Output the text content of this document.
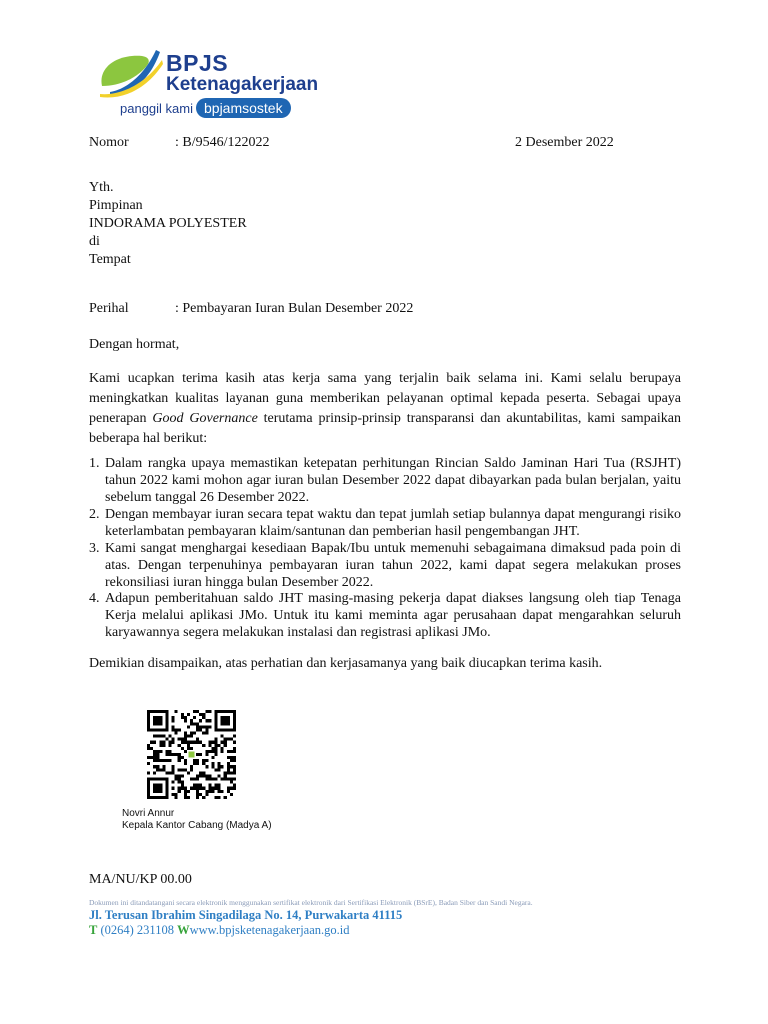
BPJS
Ketenagakerjaan
panggil kami bpjamsostek
Nomor	: B/9546/122022	2 Desember 2022
Yth.
Pimpinan
INDORAMA POLYESTER
di
Tempat
Perihal	: Pembayaran Iuran Bulan Desember 2022
Dengan hormat,
Kami ucapkan terima kasih atas kerja sama yang terjalin baik selama ini. Kami selalu berupaya meningkatkan kualitas layanan guna memberikan pelayanan optimal kepada peserta. Sebagai upaya penerapan Good Governance terutama prinsip-prinsip transparansi dan akuntabilitas, kami sampaikan beberapa hal berikut:
1. Dalam rangka upaya memastikan ketepatan perhitungan Rincian Saldo Jaminan Hari Tua (RSJHT) tahun 2022 kami mohon agar iuran bulan Desember 2022 dapat dibayarkan pada bulan berjalan, yaitu sebelum tanggal 26 Desember 2022.
2. Dengan membayar iuran secara tepat waktu dan tepat jumlah setiap bulannya dapat mengurangi risiko keterlambatan pembayaran klaim/santunan dan pemberian hasil pengembangan JHT.
3. Kami sangat menghargai kesediaan Bapak/Ibu untuk memenuhi sebagaimana dimaksud pada poin di atas. Dengan terpenuhinya pembayaran iuran tahun 2022, kami dapat segera melakukan proses rekonsiliasi iuran hingga bulan Desember 2022.
4. Adapun pemberitahuan saldo JHT masing-masing pekerja dapat diakses langsung oleh tiap Tenaga Kerja melalui aplikasi JMo. Untuk itu kami meminta agar perusahaan dapat mengarahkan seluruh karyawannya segera melakukan instalasi dan registrasi aplikasi JMo.
Demikian disampaikan, atas perhatian dan kerjasamanya yang baik diucapkan terima kasih.
Novri Annur
Kepala Kantor Cabang (Madya A)
MA/NU/KP 00.00
Dokumen ini ditandatangani secara elektronik menggunakan sertifikat elektronik dari Sertifikasi Elektronik (BSrE), Badan Siber dan Sandi Negara.
Jl. Terusan Ibrahim Singadilaga No. 14, Purwakarta 41115
T (0264) 231108 Wwww.bpjsketenagakerjaan.go.id
